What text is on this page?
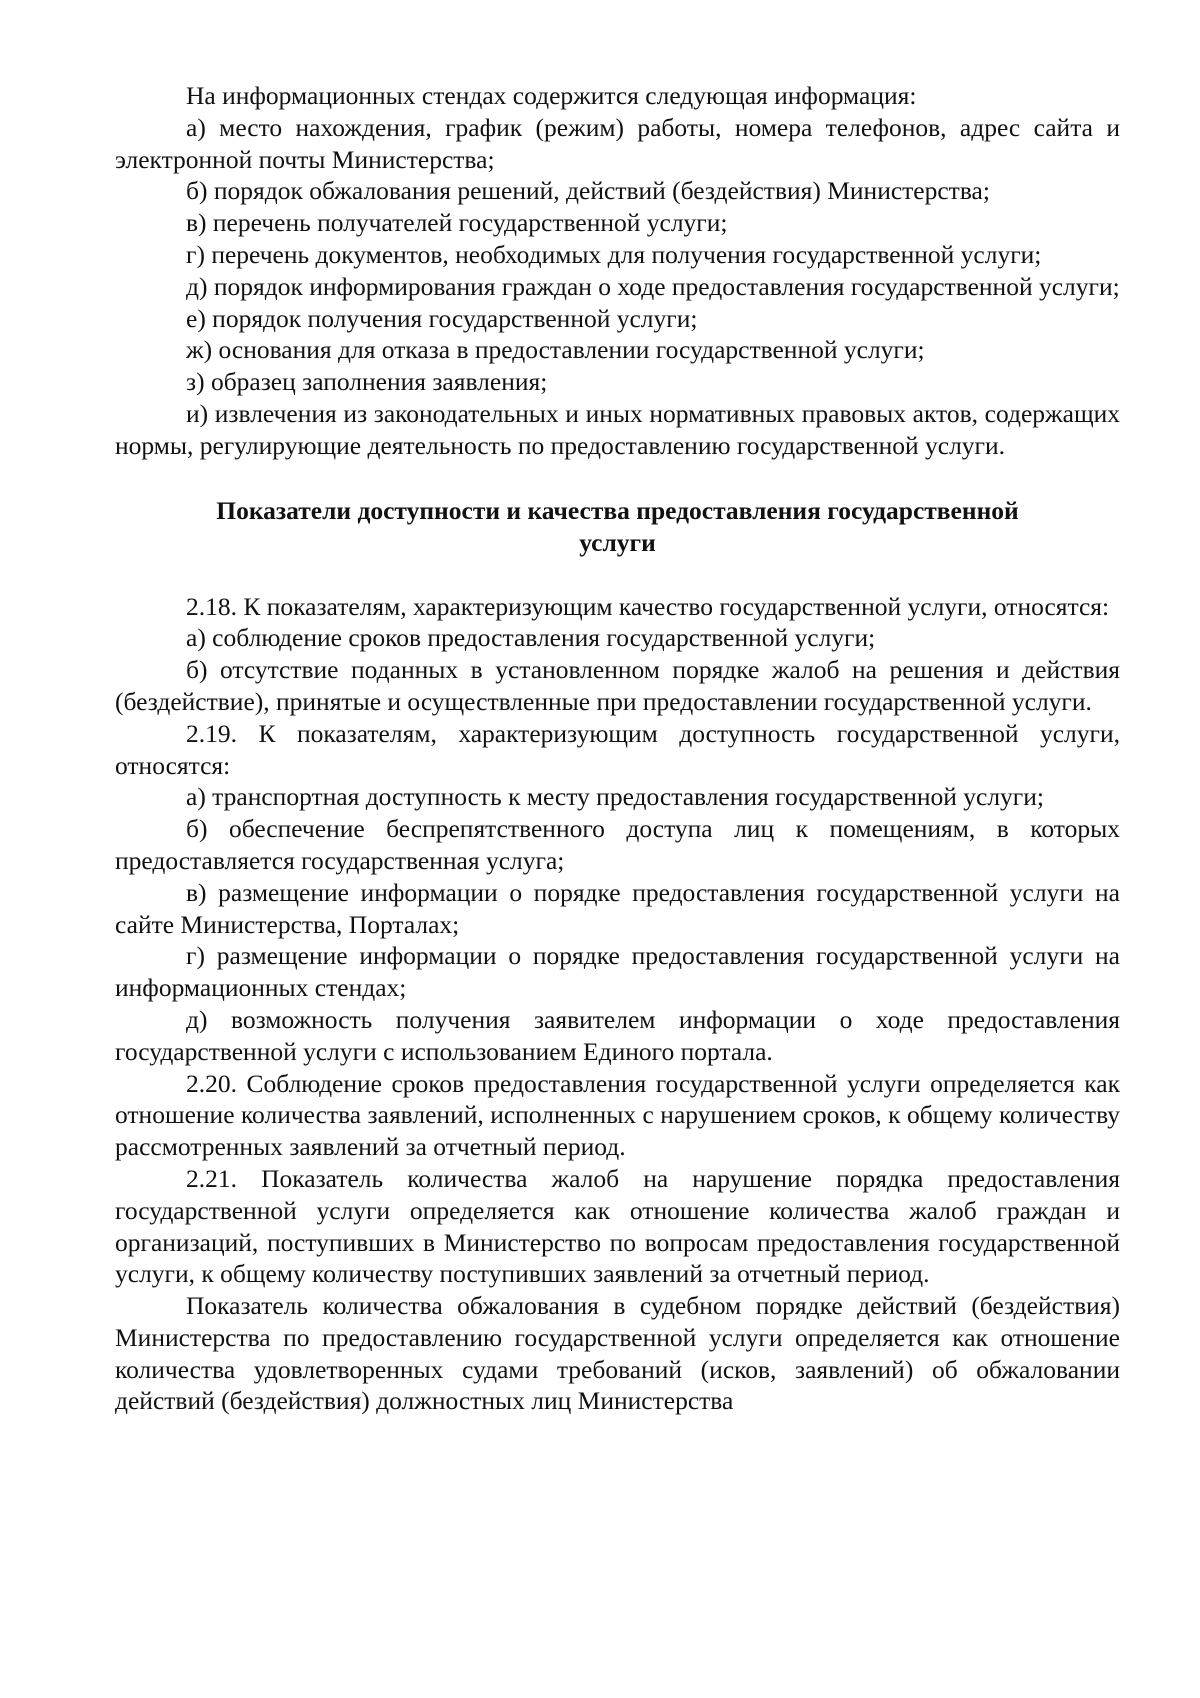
На информационных стендах содержится следующая информация:

а) место нахождения, график (режим) работы, номера телефонов, адрес сайта и электронной почты Министерства;

б) порядок обжалования решений, действий (бездействия) Министерства;

в) перечень получателей государственной услуги;

г) перечень документов, необходимых для получения государственной услуги;

д) порядок информирования граждан о ходе предоставления государственной услуги;

е) порядок получения государственной услуги;

ж) основания для отказа в предоставлении государственной услуги;

з) образец заполнения заявления;

и) извлечения из законодательных и иных нормативных правовых актов, содержащих нормы, регулирующие деятельность по предоставлению государственной услуги.

Показатели доступности и качества предоставления государственной
услуги

2.18. К показателям, характеризующим качество государственной услуги, относятся:

а) соблюдение сроков предоставления государственной услуги;

б) отсутствие поданных в установленном порядке жалоб на решения и действия (бездействие), принятые и осуществленные при предоставлении государственной услуги.

2.19. К показателям, характеризующим доступность государственной услуги, относятся:

а) транспортная доступность к месту предоставления государственной услуги;

б) обеспечение беспрепятственного доступа лиц к помещениям, в которых предоставляется государственная услуга;

в) размещение информации о порядке предоставления государственной услуги на сайте Министерства, Порталах;

г) размещение информации о порядке предоставления государственной услуги на информационных стендах;

д) возможность получения заявителем информации о ходе предоставления государственной услуги с использованием Единого портала.

2.20. Соблюдение сроков предоставления государственной услуги определяется как отношение количества заявлений, исполненных с нарушением сроков, к общему количеству рассмотренных заявлений за отчетный период.

2.21. Показатель количества жалоб на нарушение порядка предоставления государственной услуги определяется как отношение количества жалоб граждан и организаций, поступивших в Министерство по вопросам предоставления государственной услуги, к общему количеству поступивших заявлений за отчетный период.

Показатель количества обжалования в судебном порядке действий (бездействия) Министерства по предоставлению государственной услуги определяется как отношение количества удовлетворенных судами требований (исков, заявлений) об обжаловании действий (бездействия) должностных лиц Министерства
